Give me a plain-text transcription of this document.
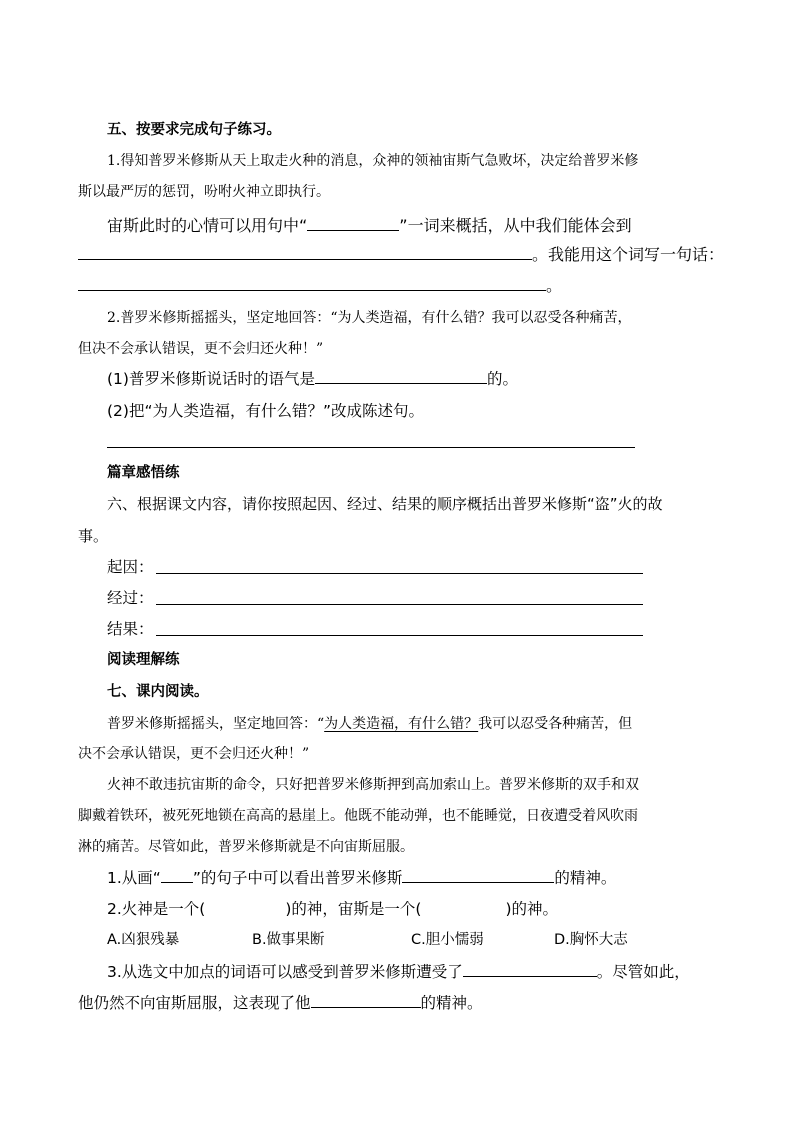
五、按要求完成句子练习。
1.得知普罗米修斯从天上取走火种的消息，众神的领袖宙斯气急败坏，决定给普罗米修
斯以最严厉的惩罚，吩咐火神立即执行。
宙斯此时的心情可以用句中“	”一词来概括，从中我们能体会到
。我能用这个词写一句话：
。
2.普罗米修斯摇摇头，坚定地回答：“为人类造福，有什么错？我可以忍受各种痛苦，
但决不会承认错误，更不会归还火种！”
(1)普罗米修斯说话时的语气是	的。
(2)把“为人类造福，有什么错？”改成陈述句。
篇章感悟练
六、根据课文内容，请你按照起因、经过、结果的顺序概括出普罗米修斯“盗”火的故
事。
起因：
经过：
结果：
阅读理解练
七、课内阅读。
普罗米修斯摇摇头，坚定地回答：“为人类造福，有什么错？我可以忍受各种痛苦，但
决不会承认错误，更不会归还火种！”
火神不敢违抗宙斯的命令，只好把普罗米修斯押到高加索山上。普罗米修斯的双手和双
脚戴着铁环，被死死地锁在高高的悬崖上。他既不能动弹，也不能睡觉，日夜遭受着风吹雨
淋的痛苦。尽管如此，普罗米修斯就是不向宙斯屈服。
1.从画“ ”的句子中可以看出普罗米修斯	的精神。
2.火神是一个(	)的神，宙斯是一个(	)的神。
A.凶狠残暴	B.做事果断	C.胆小懦弱	D.胸怀大志
3.从选文中加点的词语可以感受到普罗米修斯遭受了	。尽管如此，
他仍然不向宙斯屈服，这表现了他	的精神。
